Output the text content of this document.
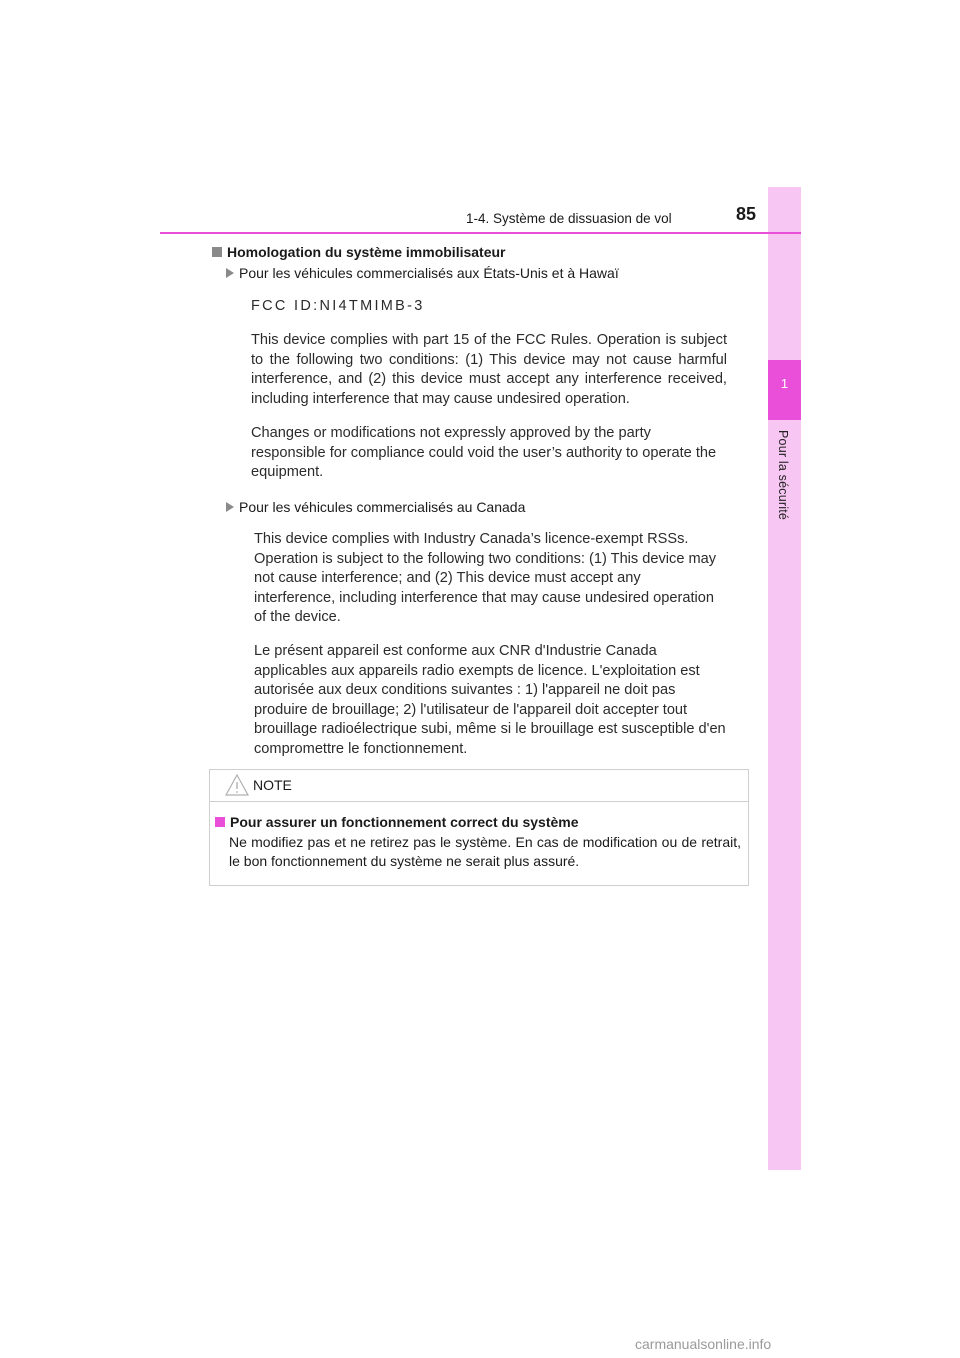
1
Pour la sécurité
1-4. Système de dissuasion de vol	85
Homologation du système immobilisateur
Pour les véhicules commercialisés aux États-Unis et à Hawaï
FCC ID:NI4TMIMB-3

This device complies with part 15 of the FCC Rules. Operation is subject to the following two conditions: (1) This device may not cause harmful interference, and (2) this device must accept any interference received, including interference that may cause undesired operation.

Changes or modifications not expressly approved by the party responsible for compliance could void the user’s authority to operate the equipment.

Pour les véhicules commercialisés au Canada

This device complies with Industry Canada’s licence-exempt RSSs. Operation is subject to the following two conditions: (1) This device may not cause interference; and (2) This device must accept any interference, including interference that may cause undesired operation of the device.

Le présent appareil est conforme aux CNR d'Industrie Canada applicables aux appareils radio exempts de licence. L'exploitation est autorisée aux deux conditions suivantes : 1) l'appareil ne doit pas produire de brouillage; 2) l'utilisateur de l'appareil doit accepter tout brouillage radioélectrique subi, même si le brouillage est susceptible d'en compromettre le fonctionnement.

NOTE
Pour assurer un fonctionnement correct du système
Ne modifiez pas et ne retirez pas le système. En cas de modification ou de retrait, le bon fonctionnement du système ne serait plus assuré.
carmanualsonline.info
